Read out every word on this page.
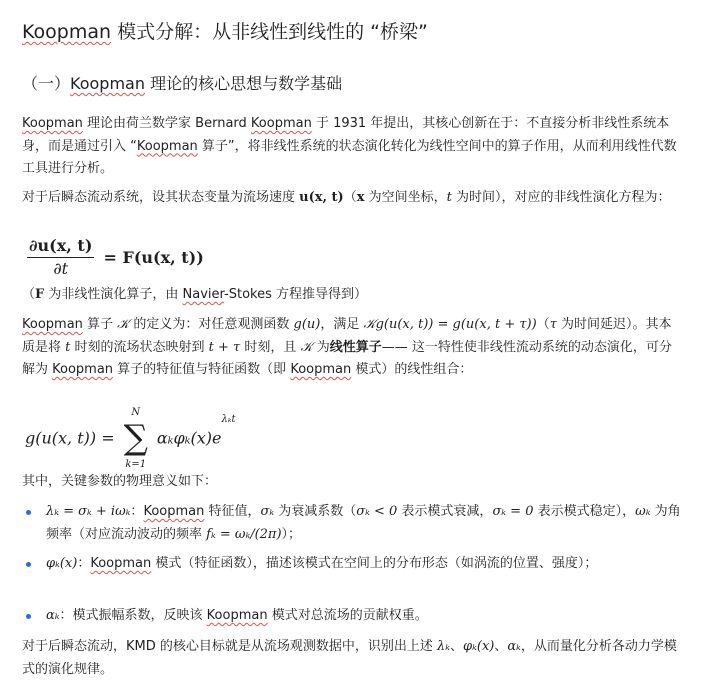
Koopman 模式分解：从非线性到线性的 “桥梁”
（一）Koopman 理论的核心思想与数学基础

Koopman 理论由荷兰数学家 Bernard Koopman 于 1931 年提出，其核心创新在于：不直接分析非线性系统本身，而是通过引入 “Koopman 算子”，将非线性系统的状态演化转化为线性空间中的算子作用，从而利用线性代数工具进行分析。

对于后瞬态流动系统，设其状态变量为流场速度 u(x, t)（x 为空间坐标，t 为时间），对应的非线性演化方程为：

$\frac{\partial u(x, t)}{\partial t} = F(u(x$, t))

（F 为非线性演化算子，由 Navier-Stokes 方程推导得到）

Koopman 算子 𝒦 的定义为：对任意观测函数 g(u)，满足 𝒦g(u(x, t)) = g(u(x, t + τ))（τ 为时间延迟）。其本质是将 t 时刻的流场状态映射到 t + τ 时刻，且 𝒦 为线性算子—— 这一特性使非线性流动系统的动态演化，可分解为 Koopman 算子的特征值与特征函数（即 Koopman 模式）的线性组合：

g(u(x, t)) =
N
∑
k=1
$\alpha_k\varphi_k(x)e^{\lambda_kt}$

其中，关键参数的物理意义如下：

λₖ = σₖ + iωₖ：Koopman 特征值，σₖ 为衰减系数（σₖ < 0 表示模式衰减，σₖ = 0 表示模式稳定），ωₖ 为角频率（对应流动波动的频率 fₖ = ωₖ/(2π)）；
φₖ(x)：Koopman 模式（特征函数），描述该模式在空间上的分布形态（如涡流的位置、强度）；
αₖ：模式振幅系数，反映该 Koopman 模式对总流场的贡献权重。

对于后瞬态流动，KMD 的核心目标就是从流场观测数据中，识别出上述 λₖ、φₖ(x)、αₖ，从而量化分析各动力学模式的演化规律。
